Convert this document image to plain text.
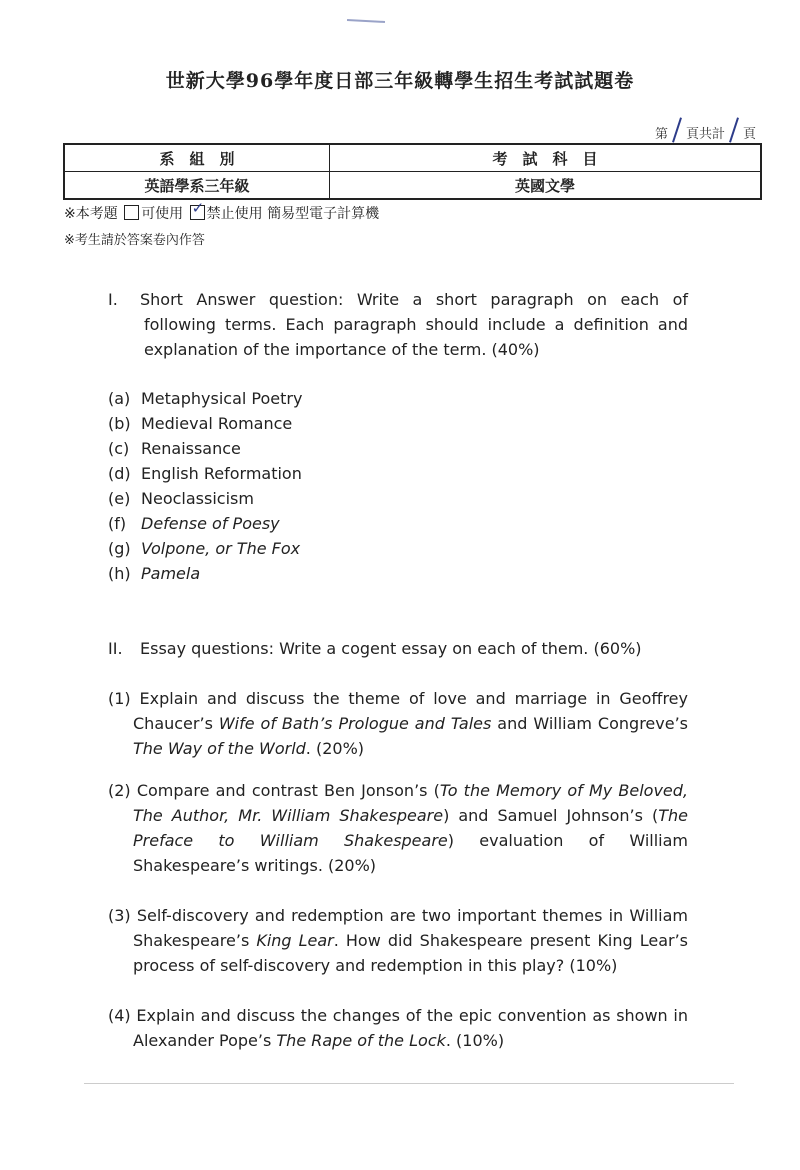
世新大學96學年度日部三年級轉學生招生考試試題卷
第 頁共計 頁
系　組　別	考　試　科　目
英語學系三年級	英國文學
※本考題 可使用 ✓ 禁止使用 簡易型電子計算機
※考生請於答案卷內作答
I.	Short Answer question: Write a short paragraph on each of
following terms. Each paragraph should include a definition and
explanation of the importance of the term. (40%)
(a) Metaphysical Poetry
(b) Medieval Romance
(c) Renaissance
(d) English Reformation
(e) Neoclassicism
(f) Defense of Poesy
(g) Volpone, or The Fox
(h) Pamela
II.	Essay questions: Write a cogent essay on each of them. (60%)
(1) Explain and discuss the theme of love and marriage in Geoffrey
Chaucer’s Wife of Bath’s Prologue and Tales and William Congreve’s
The Way of the World. (20%)
(2) Compare and contrast Ben Jonson’s (To the Memory of My Beloved,
The Author, Mr. William Shakespeare) and Samuel Johnson’s (The
Preface to William Shakespeare) evaluation of William
Shakespeare’s writings. (20%)
(3) Self-discovery and redemption are two important themes in William
Shakespeare’s King Lear. How did Shakespeare present King Lear’s
process of self-discovery and redemption in this play? (10%)
(4) Explain and discuss the changes of the epic convention as shown in
Alexander Pope’s The Rape of the Lock. (10%)
